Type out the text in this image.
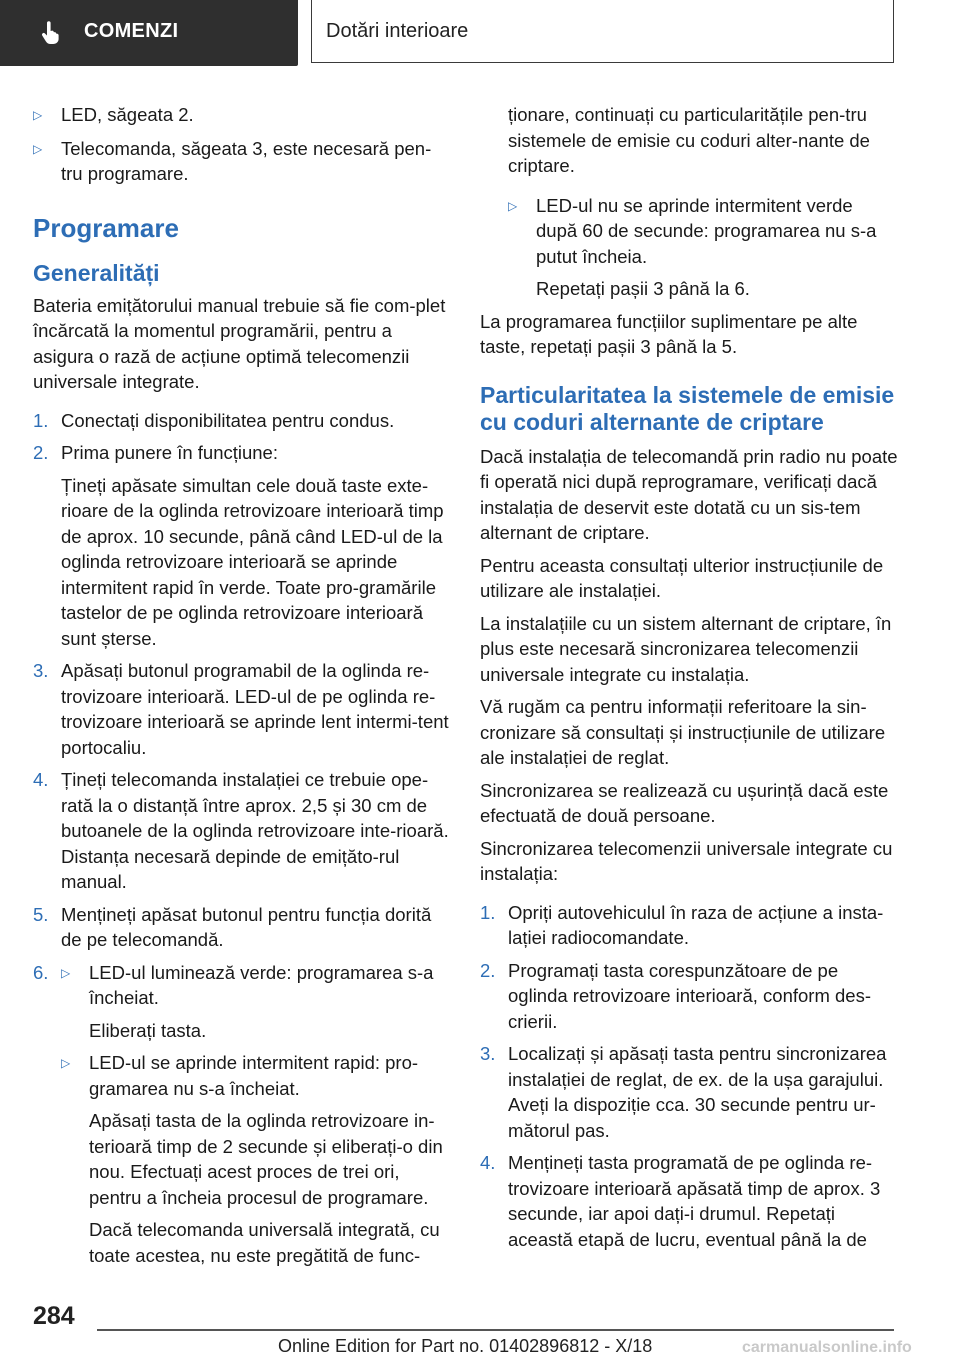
COMENZI	Dotări interioare
▷	LED, săgeata 2.
▷	Telecomanda, săgeata 3, este necesară pen-tru programare.
Programare
Generalități

Bateria emițătorului manual trebuie să fie com-plet încărcată la momentul programării, pentru a asigura o rază de acțiune optimă telecomenzii universale integrate.

1. Conectați disponibilitatea pentru condus.
2. Prima punere în funcțiune:

Țineți apăsate simultan cele două taste exte-rioare de la oglinda retrovizoare interioară timp de aprox. 10 secunde, până când LED-ul de la oglinda retrovizoare interioară se aprinde intermitent rapid în verde. Toate pro-gramările tastelor de pe oglinda retrovizoare interioară sunt șterse.

3. Apăsați butonul programabil de la oglinda re-trovizoare interioară. LED-ul de pe oglinda re-trovizoare interioară se aprinde lent intermi-tent portocaliu.
4. Țineți telecomanda instalației ce trebuie ope-rată la o distanță între aprox. 2,5 și 30 cm de butoanele de la oglinda retrovizoare inte-rioară. Distanța necesară depinde de emițăto-rul manual.
5. Mențineți apăsat butonul pentru funcția dorită de pe telecomandă.
6.	▷	LED-ul luminează verde: programarea s-a încheiat.

Eliberați tasta.

▷	LED-ul se aprinde intermitent rapid: pro-gramarea nu s-a încheiat.

Apăsați tasta de la oglinda retrovizoare in-terioară timp de 2 secunde și eliberați-o din nou. Efectuați acest proces de trei ori, pentru a încheia procesul de programare.

Dacă telecomanda universală integrată, cu toate acestea, nu este pregătită de func-

ționare, continuați cu particularitățile pen-tru sistemele de emisie cu coduri alter-nante de criptare.

▷	LED-ul nu se aprinde intermitent verde după 60 de secunde: programarea nu s-a putut încheia.

Repetați pașii 3 până la 6.

La programarea funcțiilor suplimentare pe alte taste, repetați pașii 3 până la 5.

Particularitatea la sistemele de emisie cu coduri alternante de criptare

Dacă instalația de telecomandă prin radio nu poate fi operată nici după reprogramare, verificați dacă instalația de deservit este dotată cu un sis-tem alternant de criptare.

Pentru aceasta consultați ulterior instrucțiunile de utilizare ale instalației.

La instalațiile cu un sistem alternant de criptare, în plus este necesară sincronizarea telecomenzii universale integrate cu instalația.

Vă rugăm ca pentru informații referitoare la sin-cronizare să consultați și instrucțiunile de utilizare ale instalației de reglat.

Sincronizarea se realizează cu ușurință dacă este efectuată de două persoane.

Sincronizarea telecomenzii universale integrate cu instalația:

1. Opriți autovehiculul în raza de acțiune a insta-lației radiocomandate.
2. Programați tasta corespunzătoare de pe oglinda retrovizoare interioară, conform des-crierii.
3. Localizați și apăsați tasta pentru sincronizarea instalației de reglat, de ex. de la ușa garajului. Aveți la dispoziție cca. 30 secunde pentru ur-mătorul pas.
4. Mențineți tasta programată de pe oglinda re-trovizoare interioară apăsată timp de aprox. 3 secunde, iar apoi dați-i drumul. Repetați această etapă de lucru, eventual până la de
284
Online Edition for Part no. 01402896812 - X/18	carmanualsonline.info
